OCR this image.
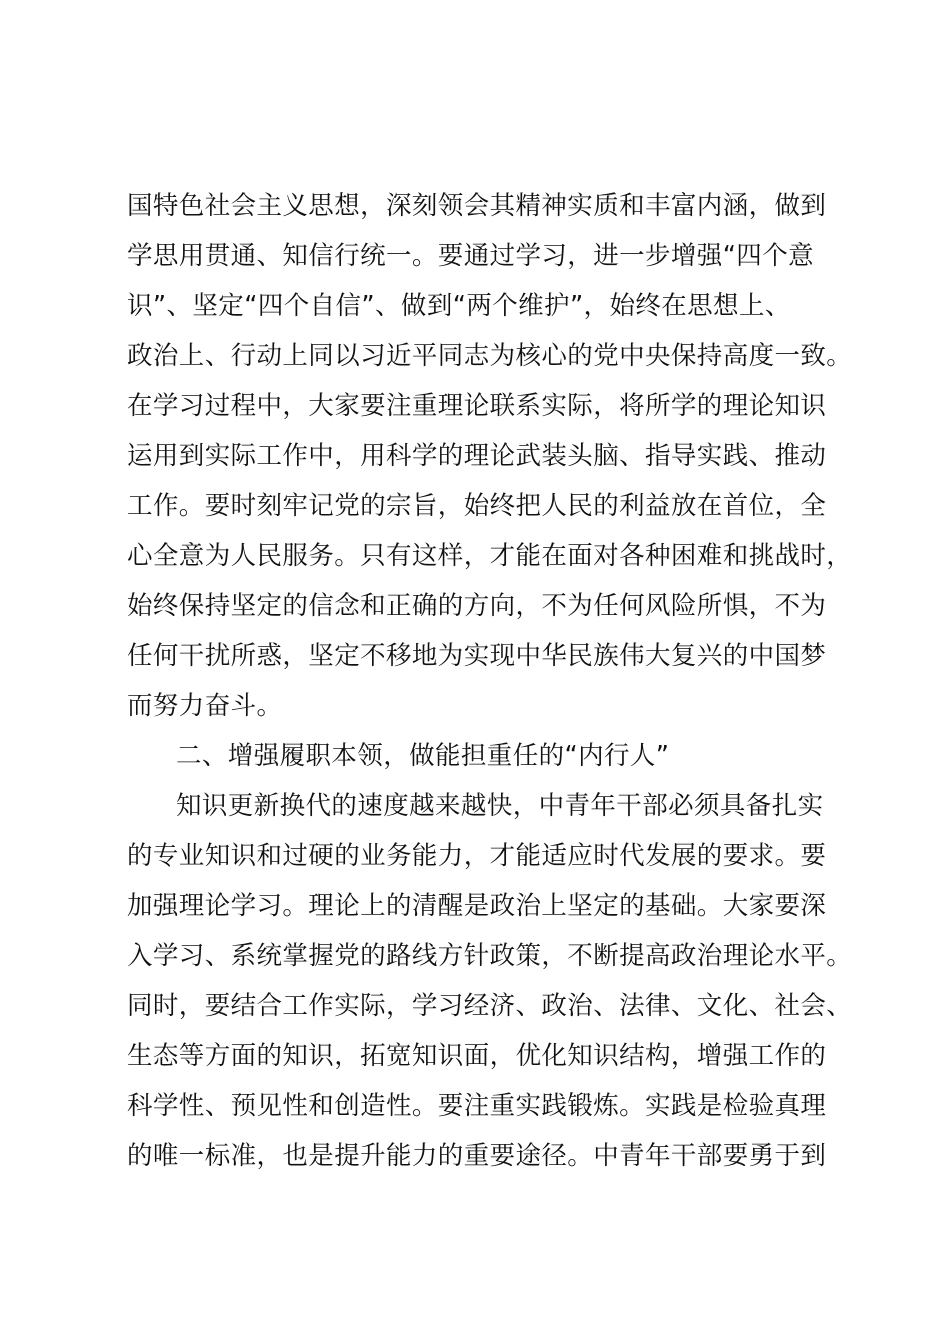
国特色社会主义思想，深刻领会其精神实质和丰富内涵，做到
学思用贯通、知信行统一。要通过学习，进一步增强“四个意
识”、坚定“四个自信”、做到“两个维护”，始终在思想上、
政治上、行动上同以习近平同志为核心的党中央保持高度一致。
在学习过程中，大家要注重理论联系实际，将所学的理论知识
运用到实际工作中，用科学的理论武装头脑、指导实践、推动
工作。要时刻牢记党的宗旨，始终把人民的利益放在首位，全
心全意为人民服务。只有这样，才能在面对各种困难和挑战时，
始终保持坚定的信念和正确的方向，不为任何风险所惧，不为
任何干扰所惑，坚定不移地为实现中华民族伟大复兴的中国梦
而努力奋斗。
二、增强履职本领，做能担重任的“内行人”
知识更新换代的速度越来越快，中青年干部必须具备扎实
的专业知识和过硬的业务能力，才能适应时代发展的要求。要
加强理论学习。理论上的清醒是政治上坚定的基础。大家要深
入学习、系统掌握党的路线方针政策，不断提高政治理论水平。
同时，要结合工作实际，学习经济、政治、法律、文化、社会、
生态等方面的知识，拓宽知识面，优化知识结构，增强工作的
科学性、预见性和创造性。要注重实践锻炼。实践是检验真理
的唯一标准，也是提升能力的重要途径。中青年干部要勇于到
